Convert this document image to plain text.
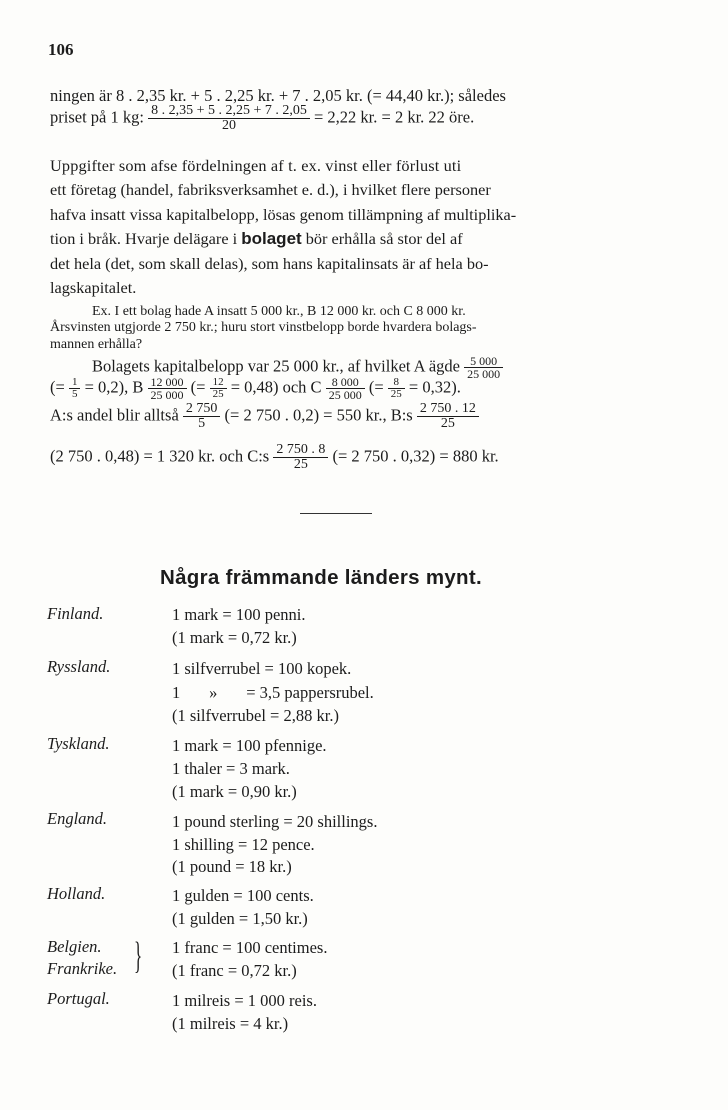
106
ningen är 8 . 2,35 kr. + 5 . 2,25 kr. + 7 . 2,05 kr. (= 44,40 kr.); således
priset på 1 kg: $\frac{8 . 2,35 + 5 . 2,25 + 7 . 2,05}{20} = 2,22$ kr. = 2 kr. 22 öre.
Uppgifter som afse fördelningen af t. ex. vinst eller förlust uti
ett företag (handel, fabriksverksamhet e. d.), i hvilket flere personer
hafva insatt vissa kapitalbelopp, lösas genom tillämpning af multiplika-
tion i bråk. Hvarje delägare i bolaget bör erhålla så stor del af
det hela (det, som skall delas), som hans kapitalinsats är af hela bo-
lagskapitalet.
Ex. I ett bolag hade A insatt 5 000 kr., B 12 000 kr. och C 8 000 kr.
Årsvinsten utgjorde 2 750 kr.; huru stort vinstbelopp borde hvardera bolags-
mannen erhålla?
Bolagets kapitalbelopp var 25 000 kr., af hvilket A ägde $\frac{5 000}{25 000}$
(= $\frac{1}{5} = 0,2$), B $\frac{12 000}{25 000}$ (= $\frac{12}{25} = 0,48$) och C $\frac{8 000}{25 000}$ (= $\frac{8}{25} = 0,32$).
A:s andel blir alltså $\frac{2 750}{5}$ (= 2 750 . 0,2) = 550 kr., B:s $\frac{2 750 . 12}{25}$
(2 750 . 0,48) = 1 320 kr. och C:s $\frac{2 750 . 8}{25}$ (= 2 750 . 0,32) = 880 kr.
Några främmande länders mynt.
Finland.	1 mark = 100 penni.
(1 mark = 0,72 kr.)
Ryssland.	1 silfverrubel = 100 kopek.
1       »       = 3,5 pappersrubel.
(1 silfverrubel = 2,88 kr.)
Tyskland.	1 mark = 100 pfennige.
1 thaler = 3 mark.
(1 mark = 0,90 kr.)
England.	1 pound sterling = 20 shillings.
1 shilling = 12 pence.
(1 pound = 18 kr.)
Holland.	1 gulden = 100 cents.
(1 gulden = 1,50 kr.)
Belgien.
Frankrike. } 1 franc = 100 centimes.
(1 franc = 0,72 kr.)
Portugal.	1 milreis = 1 000 reis.
(1 milreis = 4 kr.)
